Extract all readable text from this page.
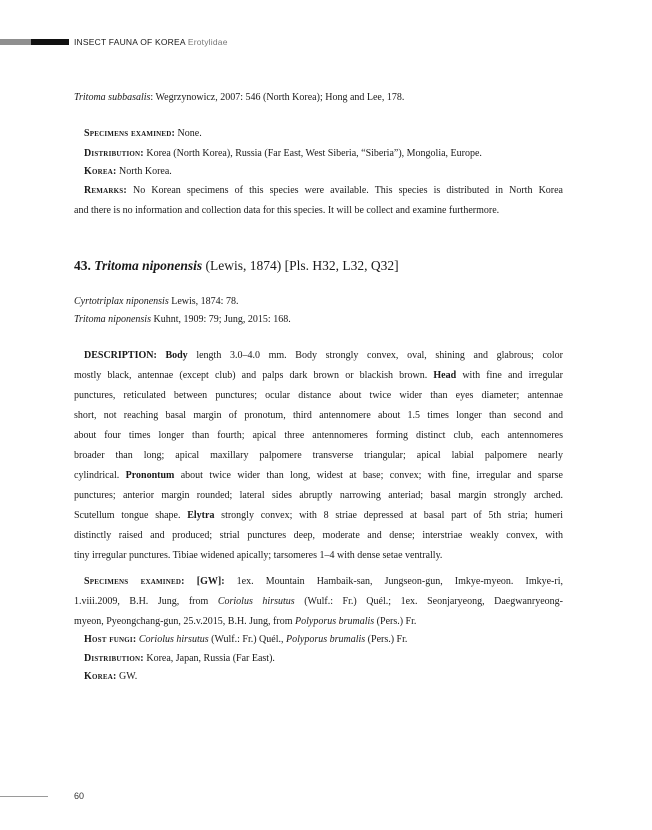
INSECT FAUNA OF KOREA Erotylidae
Tritoma subbasalis: Wegrzynowicz, 2007: 546 (North Korea); Hong and Lee, 178.
Specimens examined: None.
Distribution: Korea (North Korea), Russia (Far East, West Siberia, “Siberia”), Mongolia, Europe.
Korea: North Korea.
Remarks: No Korean specimens of this species were available. This species is distributed in North Korea
and there is no information and collection data for this species. It will be collect and examine furthermore.
43. Tritoma niponensis (Lewis, 1874) [Pls. H32, L32, Q32]
Cyrtotriplax niponensis Lewis, 1874: 78.
Tritoma niponensis Kuhnt, 1909: 79; Jung, 2015: 168.
DESCRIPTION: Body length 3.0–4.0 mm. Body strongly convex, oval, shining and glabrous; color
mostly black, antennae (except club) and palps dark brown or blackish brown. Head with fine and irregular
punctures, reticulated between punctures; ocular distance about twice wider than eyes diameter; antennae
short, not reaching basal margin of pronotum, third antennomere about 1.5 times longer than second and
about four times longer than fourth; apical three antennomeres forming distinct club, each antennomeres
broader than long; apical maxillary palpomere transverse triangular; apical labial palpomere nearly
cylindrical. Pronontum about twice wider than long, widest at base; convex; with fine, irregular and sparse
punctures; anterior margin rounded; lateral sides abruptly narrowing anteriad; basal margin strongly arched.
Scutellum tongue shape. Elytra strongly convex; with 8 striae depressed at basal part of 5th stria; humeri
distinctly raised and produced; strial punctures deep, moderate and dense; interstriae weakly convex, with
tiny irregular punctures. Tibiae widened apically; tarsomeres 1–4 with dense setae ventrally.
Specimens examined: [GW]: 1ex. Mountain Hambaik-san, Jungseon-gun, Imkye-myeon. Imkye-ri,
1.viii.2009, B.H. Jung, from Coriolus hirsutus (Wulf.: Fr.) Quél.; 1ex. Seonjaryeong, Daegwanryeong-
myeon, Pyeongchang-gun, 25.v.2015, B.H. Jung, from Polyporus brumalis (Pers.) Fr.
Host fungi: Coriolus hirsutus (Wulf.: Fr.) Quél., Polyporus brumalis (Pers.) Fr.
Distribution: Korea, Japan, Russia (Far East).
Korea: GW.
60
